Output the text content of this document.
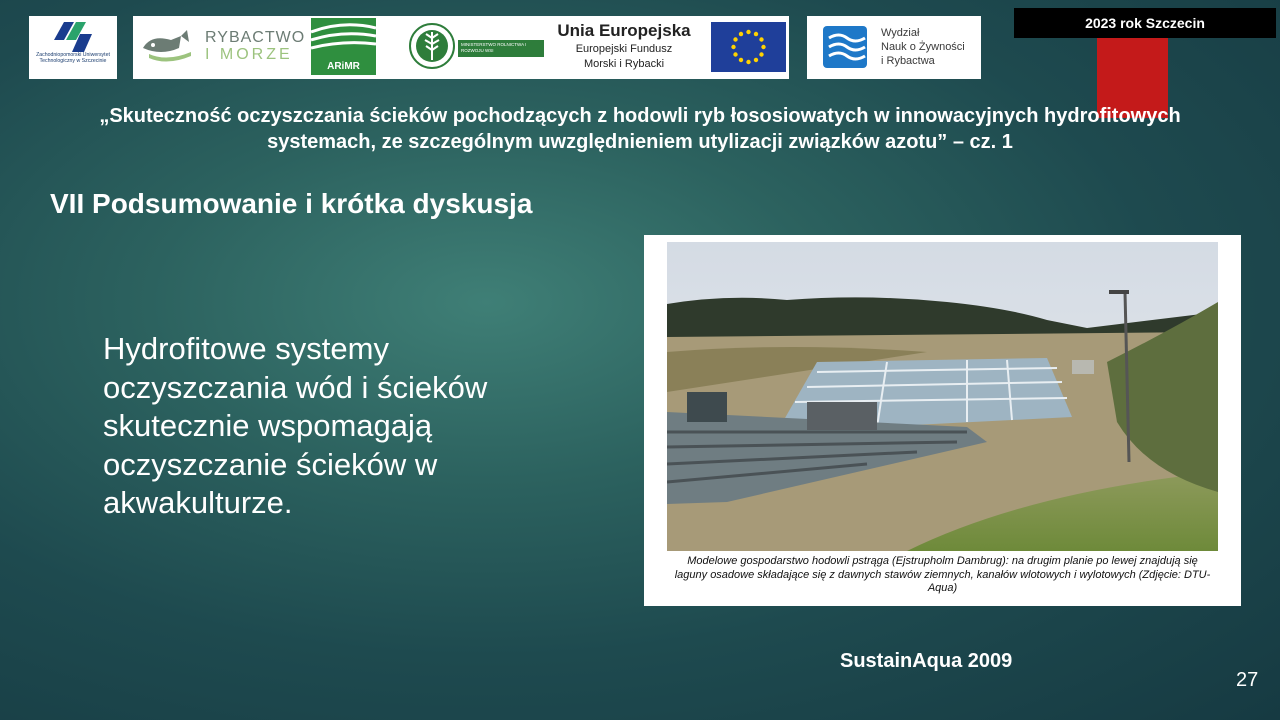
Zachodniopomorski Uniwersytet Technologiczny w Szczecinie
RYBACTWO
I MORZE
ARiMR
MINISTERSTWO ROLNICTWA I ROZWOJU WSI
Unia Europejska
Europejski Fundusz
Morski i Rybacki
Wydział
Nauk o Żywności
i Rybactwa
2023 rok Szczecin
„Skuteczność oczyszczania ścieków pochodzących z hodowli ryb łososiowatych w innowacyjnych hydrofitowych systemach, ze szczególnym uwzględnieniem utylizacji związków azotu” – cz. 1
VII Podsumowanie i krótka dyskusja
Hydrofitowe systemy oczyszczania wód i ścieków skutecznie wspomagają oczyszczanie ścieków w akwakulturze.
Modelowe gospodarstwo hodowli pstrąga (Ejstrupholm Dambrug): na drugim planie po lewej znajdują się laguny osadowe składające się z dawnych stawów ziemnych, kanałów wlotowych i wylotowych (Zdjęcie: DTU-Aqua)
SustainAqua 2009
27
